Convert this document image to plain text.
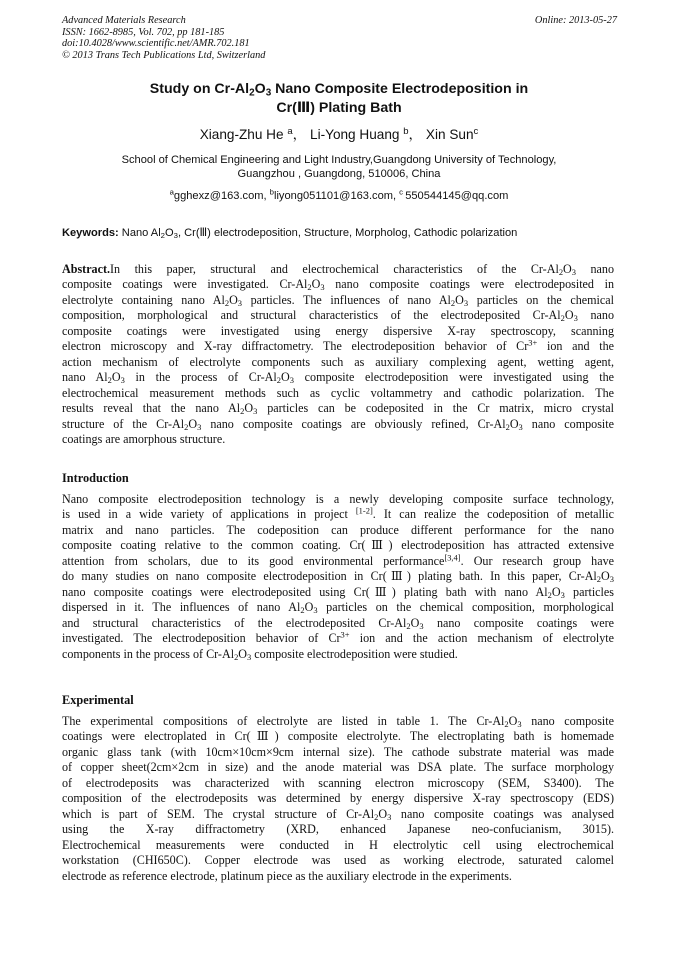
Advanced Materials Research
ISSN: 1662-8985, Vol. 702, pp 181-185
doi:10.4028/www.scientific.net/AMR.702.181
© 2013 Trans Tech Publications Ltd, Switzerland
Online: 2013-05-27
Study on $Cr-Al_2O_3$ Nano Composite Electrodeposition in
Cr(Ⅲ) Plating Bath
Xiang-Zhu He $^a$， Li-Yong Huang $^b$， Xin Sun$^c$
School of Chemical Engineering and Light Industry,Guangdong University of Technology,
Guangzhou , Guangdong, 510006, China
$^a$gghexz@163.com, $^b$liyong051101@163.com, $^c$ 550544145@qq.com
Keywords: Nano $Al_2O_3$, Cr(Ⅲ) electrodeposition, Structure, Morpholog, Cathodic polarization
Abstract.In this paper, structural and electrochemical characteristics of the $Cr-Al_2O_3$ nano
composite coatings were investigated. $Cr-Al_2O_3$ nano composite coatings were electrodeposited in
electrolyte containing nano $Al_2O_3$ particles. The influences of nano $Al_2O_3$ particles on the chemical
composition, morphological and structural characteristics of the electrodeposited $Cr-Al_2O_3$ nano
composite coatings were investigated using energy dispersive X-ray spectroscopy, scanning
electron microscopy and X-ray diffractometry. The electrodeposition behavior of $Cr^{3+}$ ion and the
action mechanism of electrolyte components such as auxiliary complexing agent, wetting agent,
nano $Al_2O_3$ in the process of $Cr-Al_2O_3$ composite electrodeposition were investigated using the
electrochemical measurement methods such as cyclic voltammetry and cathodic polarization. The
results reveal that the nano $Al_2O_3$ particles can be codeposited in the Cr matrix, micro crystal
structure of the $Cr-Al_2O_3$ nano composite coatings are obviously refined, $Cr-Al_2O_3$ nano composite
coatings are amorphous structure.
Introduction
Nano composite electrodeposition technology is a newly developing composite surface technology,
is used in a wide variety of applications in project [1-2]. It can realize the codeposition of metallic
matrix and nano particles. The codeposition can produce different performance for the nano
composite coating relative to the common coating. Cr(Ⅲ) electrodeposition has attracted extensive
attention from scholars, due to its good environmental performance[3,4]. Our research group have
do many studies on nano composite electrodeposition in Cr(Ⅲ) plating bath. In this paper, $Cr-Al_2O_3$
nano composite coatings were electrodeposited using Cr(Ⅲ) plating bath with nano $Al_2O_3$ particles
dispersed in it. The influences of nano $Al_2O_3$ particles on the chemical composition, morphological
and structural characteristics of the electrodeposited $Cr-Al_2O_3$ nano composite coatings were
investigated. The electrodeposition behavior of $Cr^{3+}$ ion and the action mechanism of electrolyte
components in the process of $Cr-Al_2O_3$ composite electrodeposition were studied.
Experimental
The experimental compositions of electrolyte are listed in table 1. The $Cr-Al_2O_3$ nano composite
coatings were electroplated in Cr(Ⅲ) composite electrolyte. The electroplating bath is homemade
organic glass tank (with 10cm×10cm×9cm internal size). The cathode substrate material was made
of copper sheet(2cm×2cm in size) and the anode material was DSA plate. The surface morphology
of electrodeposits was characterized with scanning electron microscopy (SEM, S3400). The
composition of the electrodeposits was determined by energy dispersive X-ray spectroscopy (EDS)
which is part of SEM. The crystal structure of $Cr-Al_2O_3$ nano composite coatings was analysed
using the X-ray diffractometry (XRD, enhanced Japanese neo-confucianism, 3015).
Electrochemical measurements were conducted in H electrolytic cell using electrochemical
workstation (CHI650C). Copper electrode was used as working electrode, saturated calomel
electrode as reference electrode, platinum piece as the auxiliary electrode in the experiments.
